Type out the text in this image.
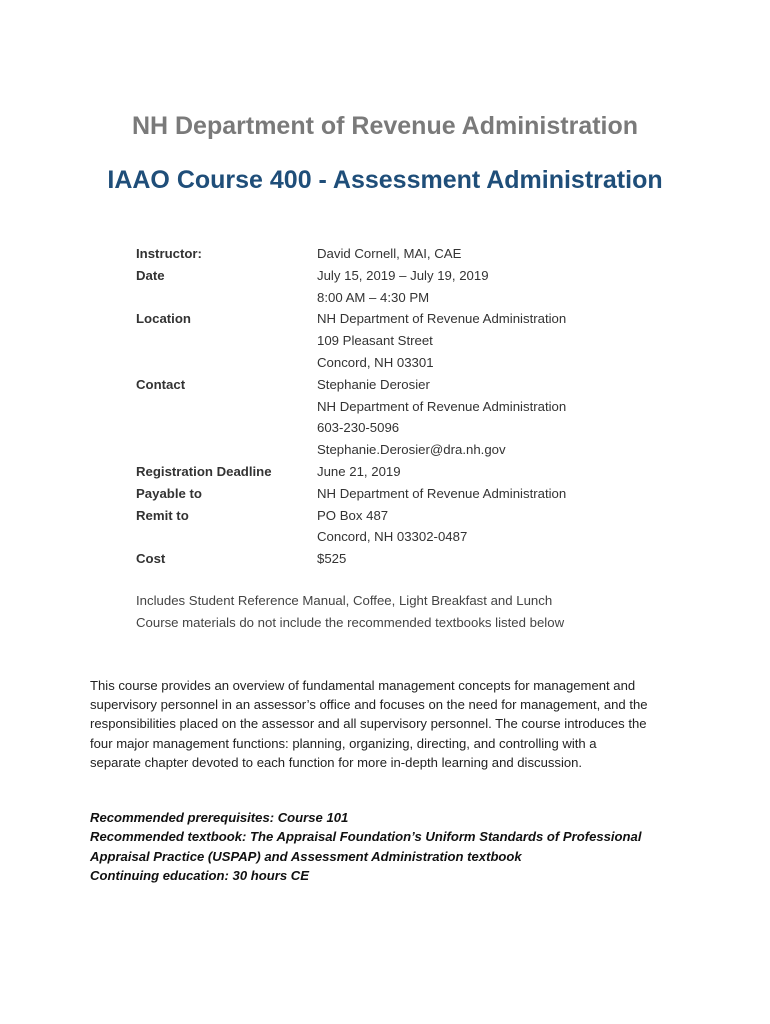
NH Department of Revenue Administration
IAAO Course 400 - Assessment Administration
Instructor:	David Cornell, MAI, CAE
Date	July 15, 2019 – July 19, 2019
8:00 AM – 4:30 PM
Location	NH Department of Revenue Administration
109 Pleasant Street
Concord, NH 03301
Contact	Stephanie Derosier
NH Department of Revenue Administration
603-230-5096
Stephanie.Derosier@dra.nh.gov
Registration Deadline	June 21, 2019
Payable to	NH Department of Revenue Administration
Remit to	PO Box 487
Concord, NH 03302-0487
Cost	$525
Includes Student Reference Manual, Coffee, Light Breakfast and Lunch
Course materials do not include the recommended textbooks listed below
This course provides an overview of fundamental management concepts for management and
supervisory personnel in an assessor’s office and focuses on the need for management, and the
responsibilities placed on the assessor and all supervisory personnel. The course introduces the
four major management functions: planning, organizing, directing, and controlling with a
separate chapter devoted to each function for more in-depth learning and discussion.
Recommended prerequisites: Course 101
Recommended textbook: The Appraisal Foundation’s Uniform Standards of Professional
Appraisal Practice (USPAP) and Assessment Administration textbook
Continuing education: 30 hours CE
